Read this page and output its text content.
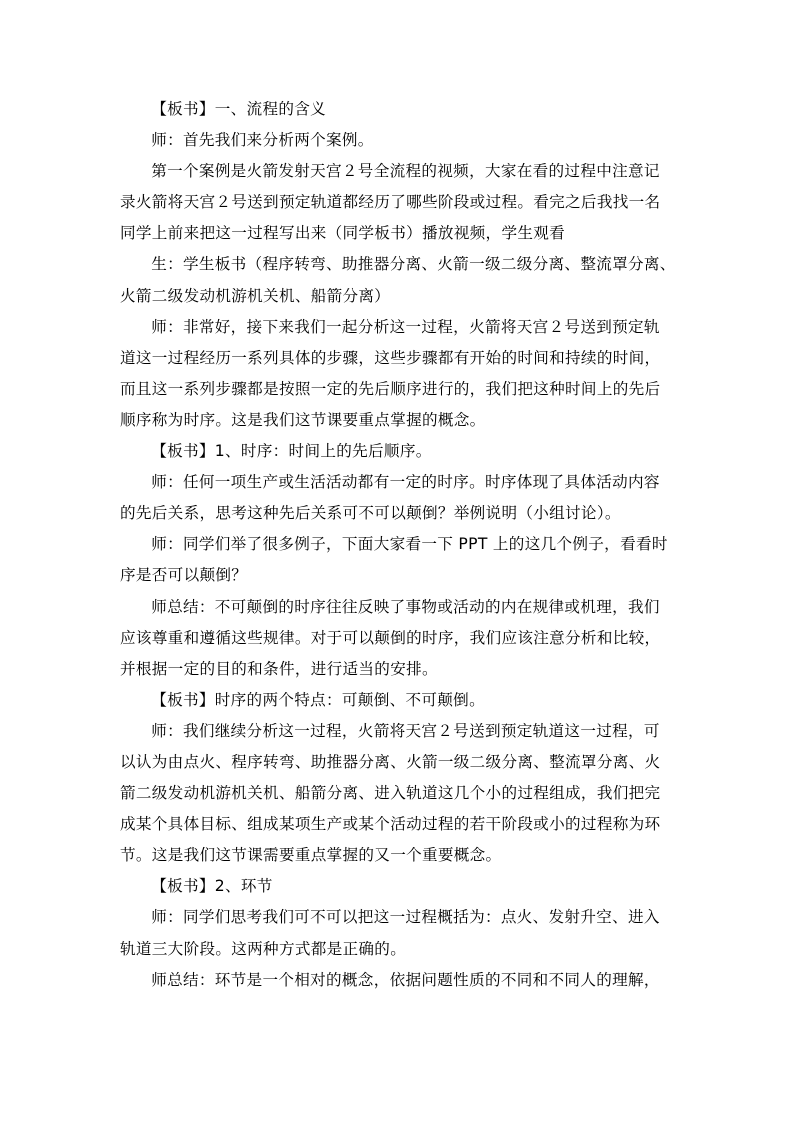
【板书】一、流程的含义

师：首先我们来分析两个案例。

第一个案例是火箭发射天宫２号全流程的视频，大家在看的过程中注意记
录火箭将天宫２号送到预定轨道都经历了哪些阶段或过程。看完之后我找一名
同学上前来把这一过程写出来（同学板书）播放视频，学生观看

生：学生板书（程序转弯、助推器分离、火箭一级二级分离、整流罩分离、
火箭二级发动机游机关机、船箭分离）

师：非常好，接下来我们一起分析这一过程，火箭将天宫２号送到预定轨
道这一过程经历一系列具体的步骤，这些步骤都有开始的时间和持续的时间，
而且这一系列步骤都是按照一定的先后顺序进行的，我们把这种时间上的先后
顺序称为时序。这是我们这节课要重点掌握的概念。

【板书】1、时序：时间上的先后顺序。

师：任何一项生产或生活活动都有一定的时序。时序体现了具体活动内容
的先后关系，思考这种先后关系可不可以颠倒？举例说明（小组讨论）。

师：同学们举了很多例子，下面大家看一下 PPT 上的这几个例子，看看时
序是否可以颠倒？

师总结：不可颠倒的时序往往反映了事物或活动的内在规律或机理，我们
应该尊重和遵循这些规律。对于可以颠倒的时序，我们应该注意分析和比较，
并根据一定的目的和条件，进行适当的安排。

【板书】时序的两个特点：可颠倒、不可颠倒。

师：我们继续分析这一过程，火箭将天宫２号送到预定轨道这一过程，可
以认为由点火、程序转弯、助推器分离、火箭一级二级分离、整流罩分离、火
箭二级发动机游机关机、船箭分离、进入轨道这几个小的过程组成，我们把完
成某个具体目标、组成某项生产或某个活动过程的若干阶段或小的过程称为环
节。这是我们这节课需要重点掌握的又一个重要概念。

【板书】2、环节

师：同学们思考我们可不可以把这一过程概括为：点火、发射升空、进入
轨道三大阶段。这两种方式都是正确的。

师总结：环节是一个相对的概念，依据问题性质的不同和不同人的理解，
